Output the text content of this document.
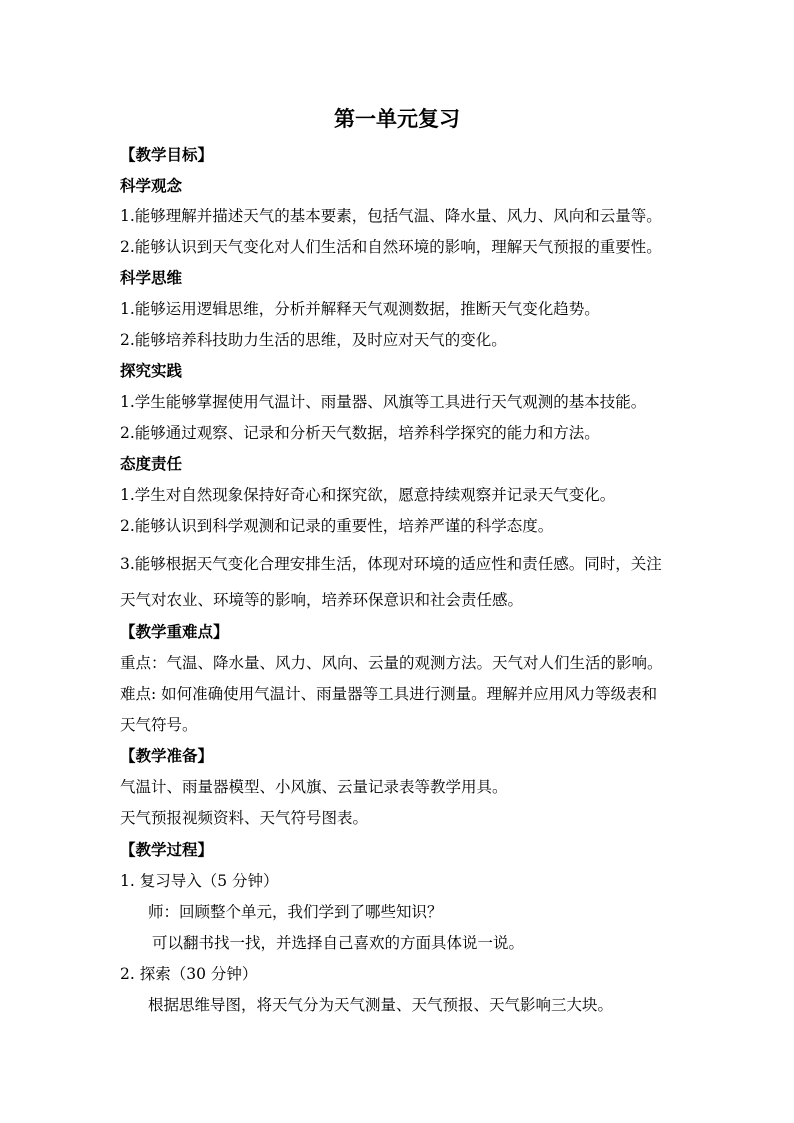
第一单元复习
【教学目标】
科学观念
1.能够理解并描述天气的基本要素，包括气温、降水量、风力、风向和云量等。
2.能够认识到天气变化对人们生活和自然环境的影响，理解天气预报的重要性。
科学思维
1.能够运用逻辑思维，分析并解释天气观测数据，推断天气变化趋势。
2.能够培养科技助力生活的思维，及时应对天气的变化。
探究实践
1.学生能够掌握使用气温计、雨量器、风旗等工具进行天气观测的基本技能。
2.能够通过观察、记录和分析天气数据，培养科学探究的能力和方法。
态度责任
1.学生对自然现象保持好奇心和探究欲，愿意持续观察并记录天气变化。
2.能够认识到科学观测和记录的重要性，培养严谨的科学态度。
3.能够根据天气变化合理安排生活，体现对环境的适应性和责任感。同时，关注
天气对农业、环境等的影响，培养环保意识和社会责任感。
【教学重难点】
重点：气温、降水量、风力、风向、云量的观测方法。天气对人们生活的影响。
难点: 如何准确使用气温计、雨量器等工具进行测量。理解并应用风力等级表和
天气符号。
【教学准备】
气温计、雨量器模型、小风旗、云量记录表等教学用具。
天气预报视频资料、天气符号图表。
【教学过程】
1. 复习导入（5 分钟）
师：回顾整个单元，我们学到了哪些知识？
可以翻书找一找，并选择自己喜欢的方面具体说一说。
2. 探索（30 分钟）
根据思维导图，将天气分为天气测量、天气预报、天气影响三大块。
